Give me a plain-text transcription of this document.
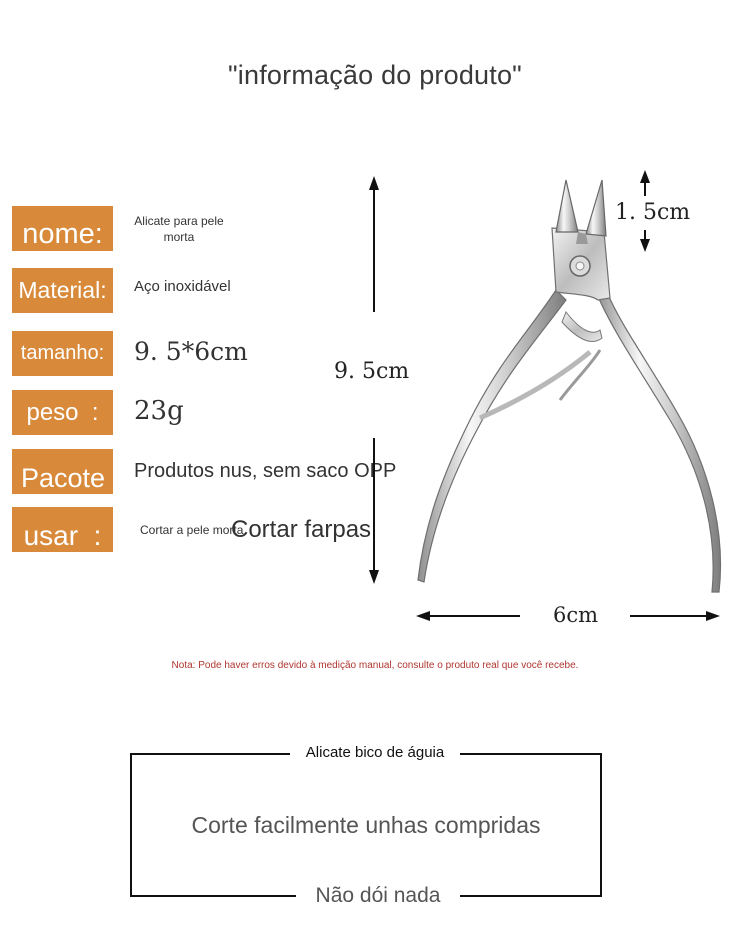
"informação do produto"
nome:	Alicate para pele
morta
Material:	Aço inoxidável
tamanho:	9. 5*6cm
peso  :	23g
Pacote	Produtos nus, sem saco OPP
usar  :	Cortar a pele morta
Cortar farpas
1. 5cm
9. 5cm
6cm
Nota: Pode haver erros devido à medição manual, consulte o produto real que você recebe.
Alicate bico de águia
Corte facilmente unhas compridas
Não dói nada
